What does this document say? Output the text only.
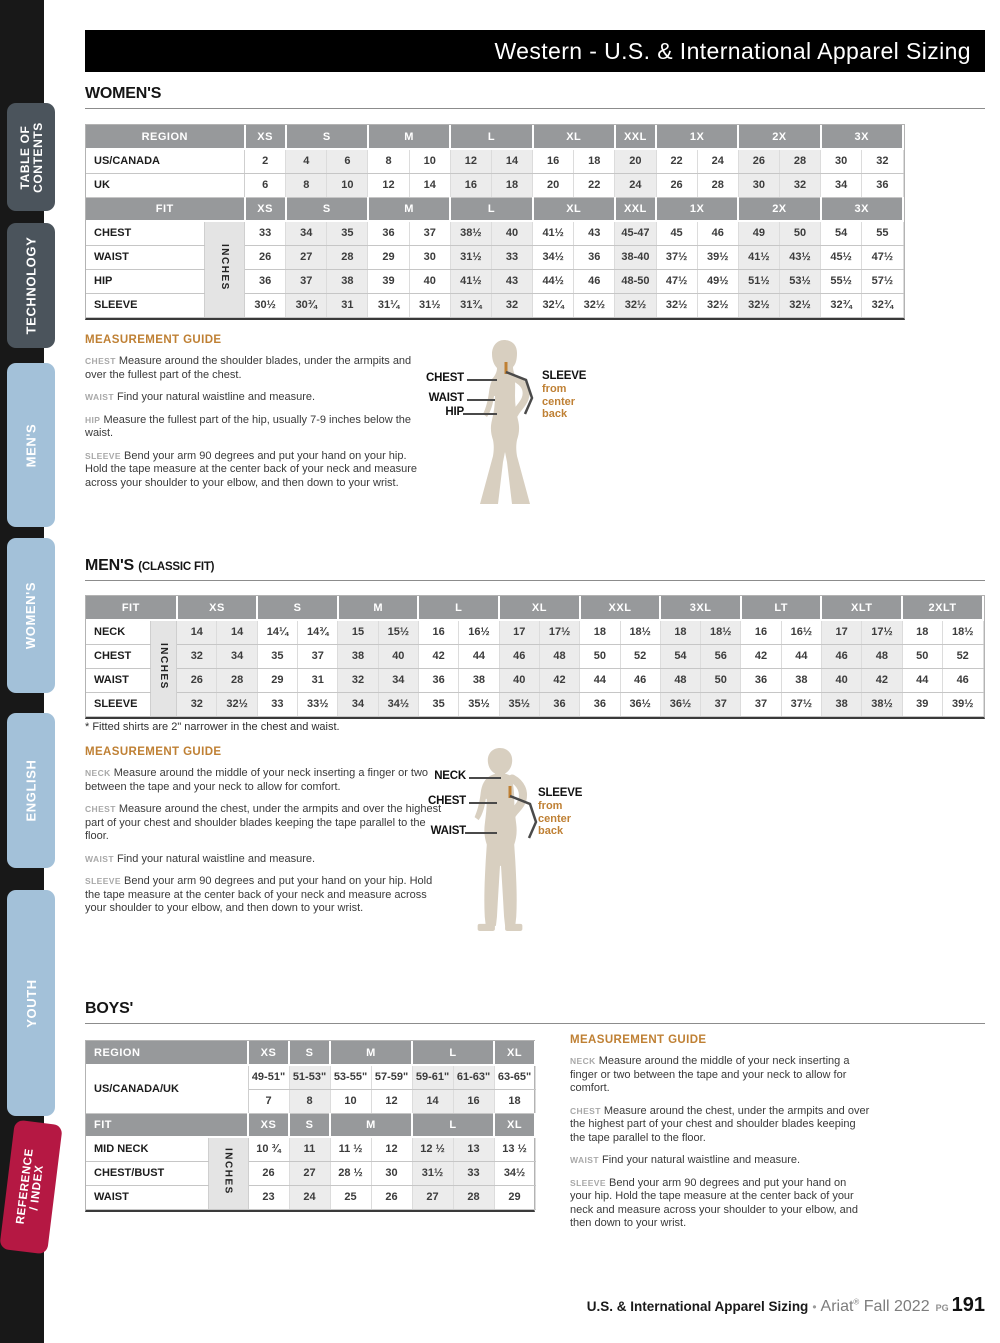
TABLE OF CONTENTS
TECHNOLOGY
MEN'S
WOMEN'S
ENGLISH
YOUTH
REFERENCE / INDEX
Western - U.S. & International Apparel Sizing
WOMEN'S
REGION		XS	S		M		L		XL		XXL	1X		2X		3X	
US/CANADA		2	4	6	8	10	12	14	16	18	20	22	24	26	28	30	32
UK		6	8	10	12	14	16	18	20	22	24	26	28	30	32	34	36
FIT		XS	S		M		L		XL		XXL	1X		2X		3X	
CHEST	INCHES	33	34	35	36	37	38½	40	41½	43	45-47	45	46	49	50	54	55
WAIST		26	27	28	29	30	31½	33	34½	36	38-40	37½	39½	41½	43½	45½	47½
HIP		36	37	38	39	40	41½	43	44½	46	48-50	47½	49½	51½	53½	55½	57½
SLEEVE		30½	30¾	31	31¼	31½	31¾	32	32¼	32½	32½	32½	32½	32½	32½	32¾	32¾
MEASUREMENT GUIDE

CHEST Measure around the shoulder blades, under the armpits and over the fullest part of the chest.

WAIST Find your natural waistline and measure.

HIP Measure the fullest part of the hip, usually 7-9 inches below the waist.

SLEEVE Bend your arm 90 degrees and put your hand on your hip. Hold the tape measure at the center back of your neck and measure across your shoulder to your elbow, and then down to your wrist.

CHEST
WAIST
HIP
SLEEVE
from center back
MEN'S (CLASSIC FIT)
FIT		XS		S		M		L		XL		XXL		3XL		LT		XLT		2XLT	
NECK	INCHES	14	14	14¼	14¾	15	15½	16	16½	17	17½	18	18½	18	18½	16	16½	17	17½	18	18½
CHEST		32	34	35	37	38	40	42	44	46	48	50	52	54	56	42	44	46	48	50	52
WAIST		26	28	29	31	32	34	36	38	40	42	44	46	48	50	36	38	40	42	44	46
SLEEVE		32	32½	33	33½	34	34½	35	35½	35½	36	36	36½	36½	37	37	37½	38	38½	39	39½
* Fitted shirts are 2" narrower in the chest and waist.
MEASUREMENT GUIDE

NECK Measure around the middle of your neck inserting a finger or two between the tape and your neck to allow for comfort.

CHEST Measure around the chest, under the armpits and over the highest part of your chest and shoulder blades keeping the tape parallel to the floor.

WAIST Find your natural waistline and measure.

SLEEVE Bend your arm 90 degrees and put your hand on your hip. Hold the tape measure at the center back of your neck and measure across your shoulder to your elbow, and then down to your wrist.

NECK
CHEST
WAIST
SLEEVE
from center back
BOYS'
REGION		XS	S	M		L		XL
US/CANADA/UK		49-51"	51-53"	53-55"	57-59"	59-61"	61-63"	63-65"
		7	8	10	12	14	16	18
FIT		XS	S	M		L		XL
MID NECK	INCHES	10 ¾	11	11 ½	12	12 ½	13	13 ½
CHEST/BUST		26	27	28 ½	30	31½	33	34½
WAIST		23	24	25	26	27	28	29
MEASUREMENT GUIDE

NECK Measure around the middle of your neck inserting a finger or two between the tape and your neck to allow for comfort.

CHEST Measure around the chest, under the armpits and over the highest part of your chest and shoulder blades keeping the tape parallel to the floor.

WAIST Find your natural waistline and measure.

SLEEVE Bend your arm 90 degrees and put your hand on your hip. Hold the tape measure at the center back of your neck and measure across your shoulder to your elbow, and then down to your wrist.

U.S. & International Apparel Sizing • Ariat® Fall 2022 PG 191
